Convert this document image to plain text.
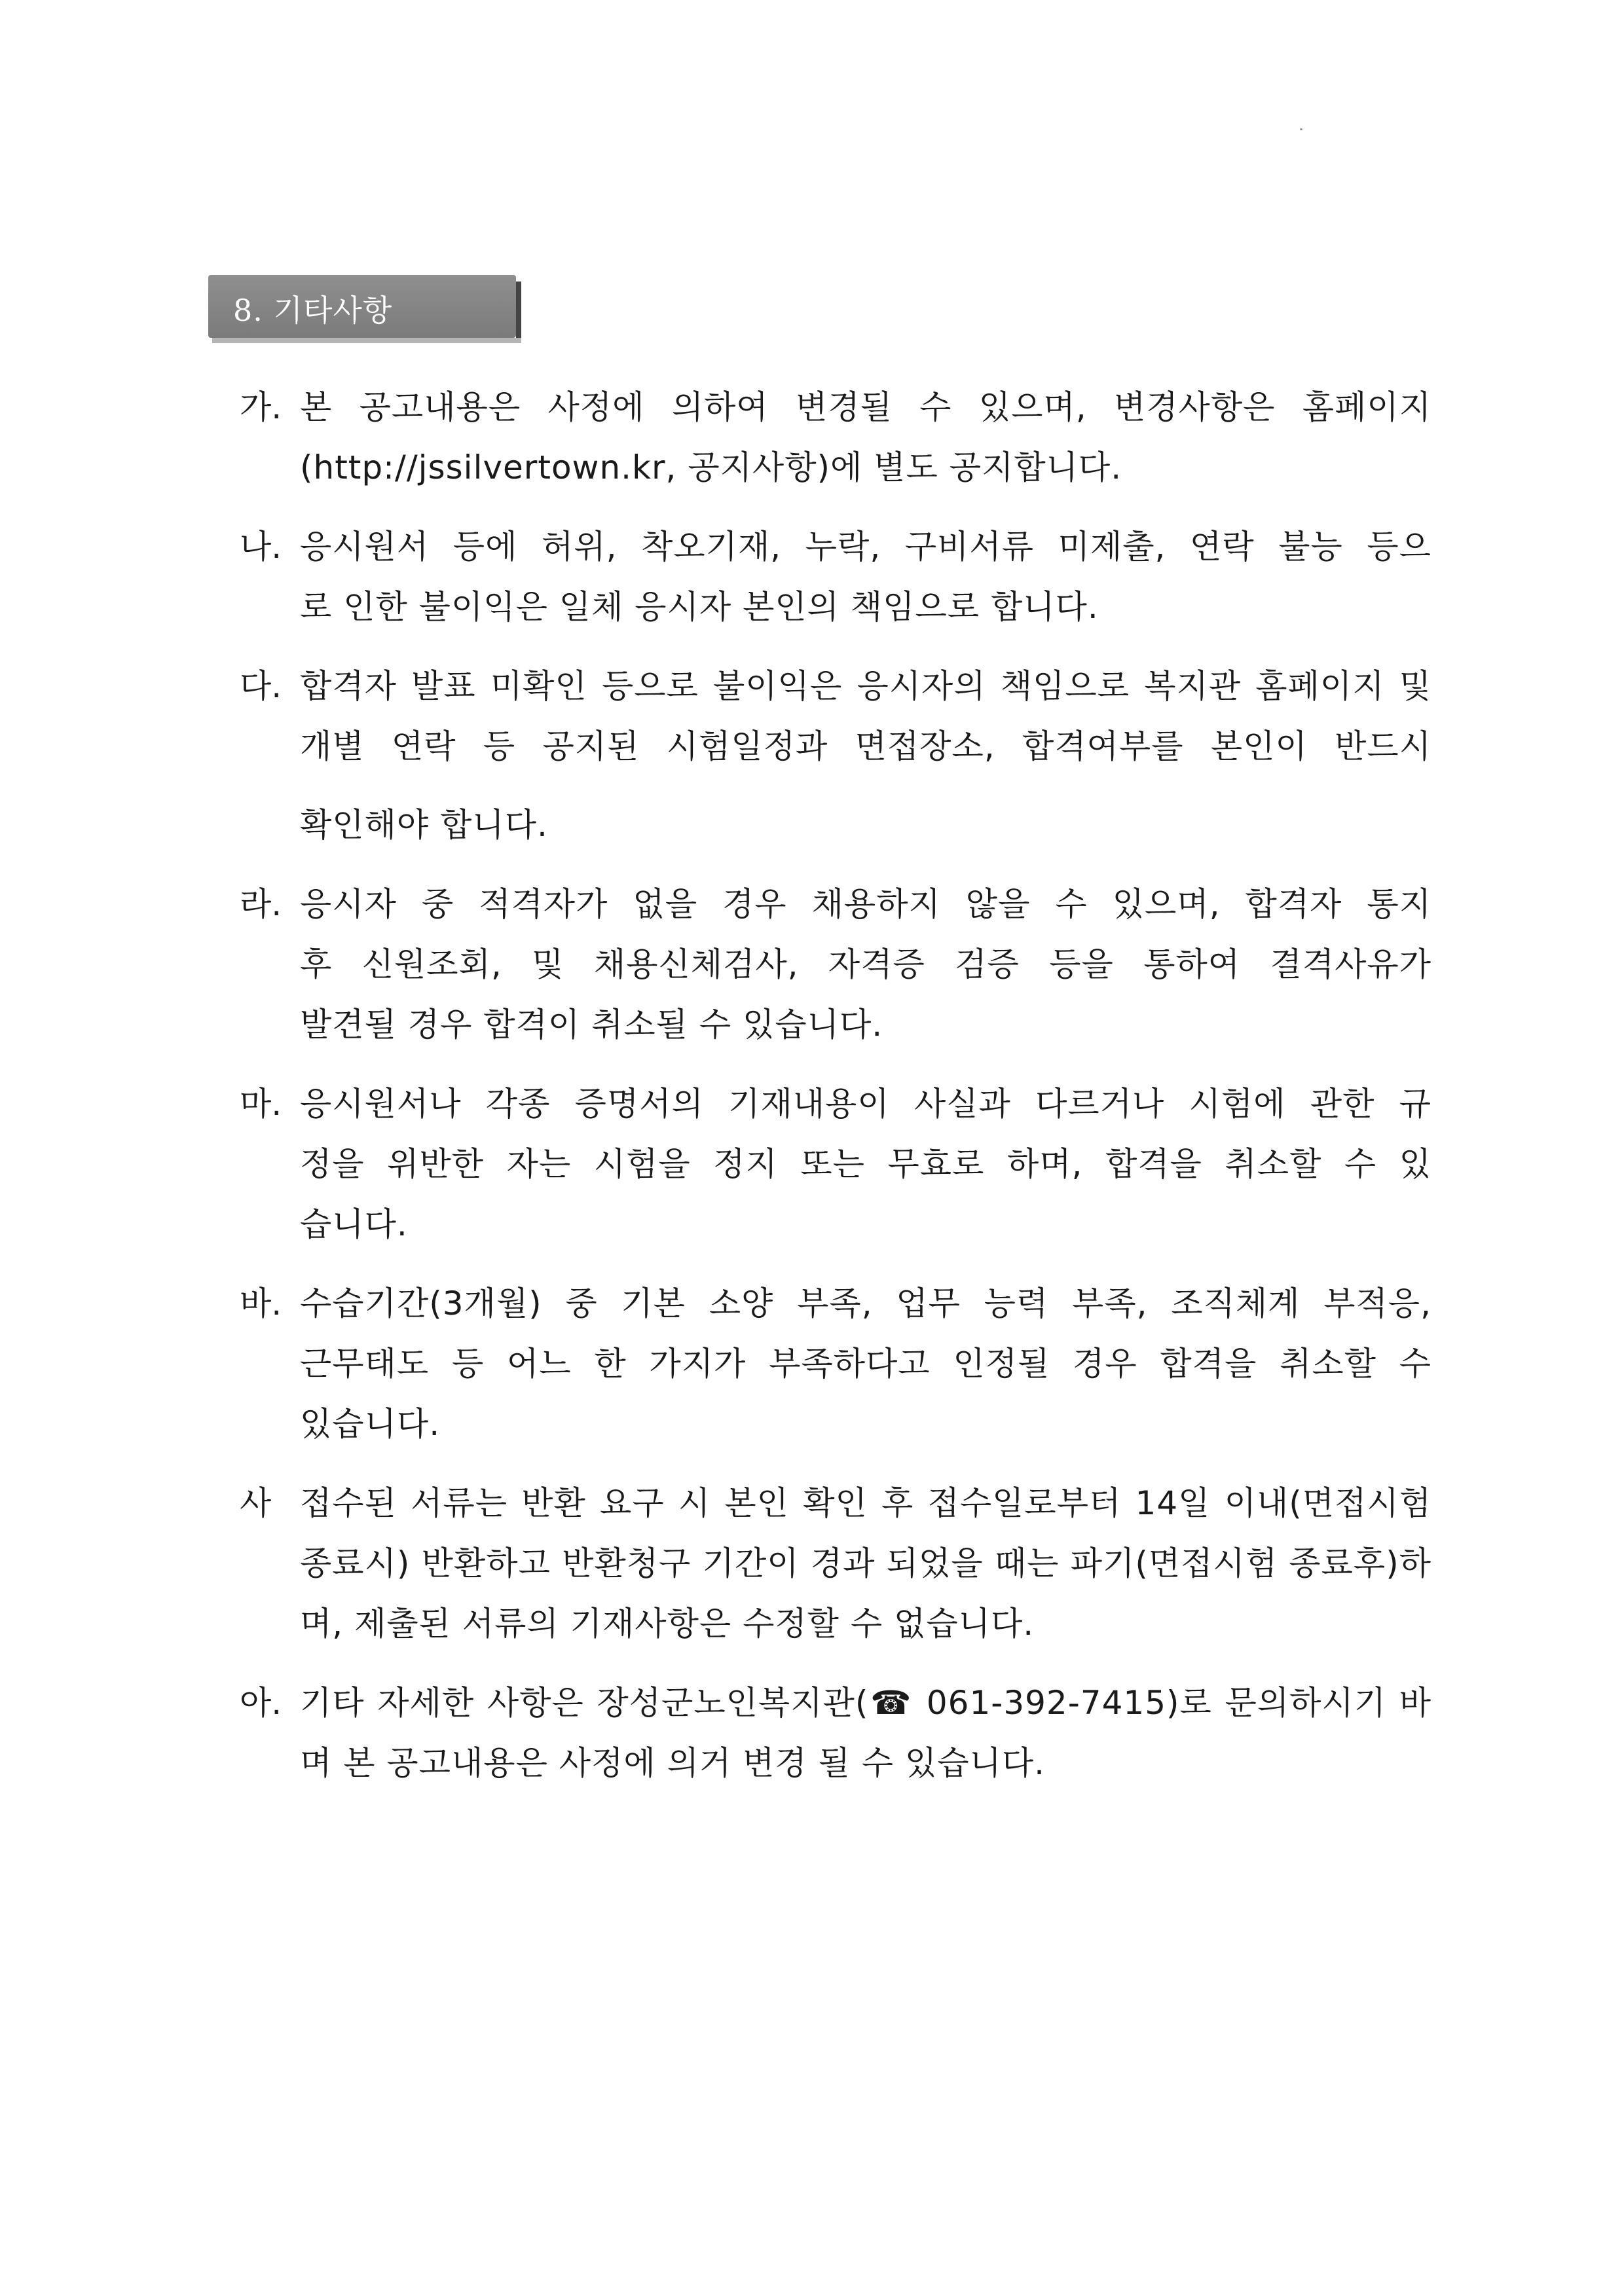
8. 기타사항
가. 본 공고내용은 사정에 의하여 변경될 수 있으며, 변경사항은 홈페이지
(http://jssilvertown.kr, 공지사항)에 별도 공지합니다.
나. 응시원서 등에 허위, 착오기재, 누락, 구비서류 미제출, 연락 불능 등으
로 인한 불이익은 일체 응시자 본인의 책임으로 합니다.
다. 합격자 발표 미확인 등으로 불이익은 응시자의 책임으로 복지관 홈페이지 및
개별 연락 등 공지된 시험일정과 면접장소, 합격여부를 본인이 반드시
확인해야 합니다.
라. 응시자 중 적격자가 없을 경우 채용하지 않을 수 있으며, 합격자 통지
후 신원조회, 및 채용신체검사, 자격증 검증 등을 통하여 결격사유가
발견될 경우 합격이 취소될 수 있습니다.
마. 응시원서나 각종 증명서의 기재내용이 사실과 다르거나 시험에 관한 규
정을 위반한 자는 시험을 정지 또는 무효로 하며, 합격을 취소할 수 있
습니다.
바. 수습기간(3개월) 중 기본 소양 부족, 업무 능력 부족, 조직체계 부적응,
근무태도 등 어느 한 가지가 부족하다고 인정될 경우 합격을 취소할 수
있습니다.
사 접수된 서류는 반환 요구 시 본인 확인 후 접수일로부터 14일 이내(면접시험
종료시) 반환하고 반환청구 기간이 경과 되었을 때는 파기(면접시험 종료후)하
며, 제출된 서류의 기재사항은 수정할 수 없습니다.
아. 기타 자세한 사항은 장성군노인복지관(☎ 061-392-7415)로 문의하시기 바
며 본 공고내용은 사정에 의거 변경 될 수 있습니다.
